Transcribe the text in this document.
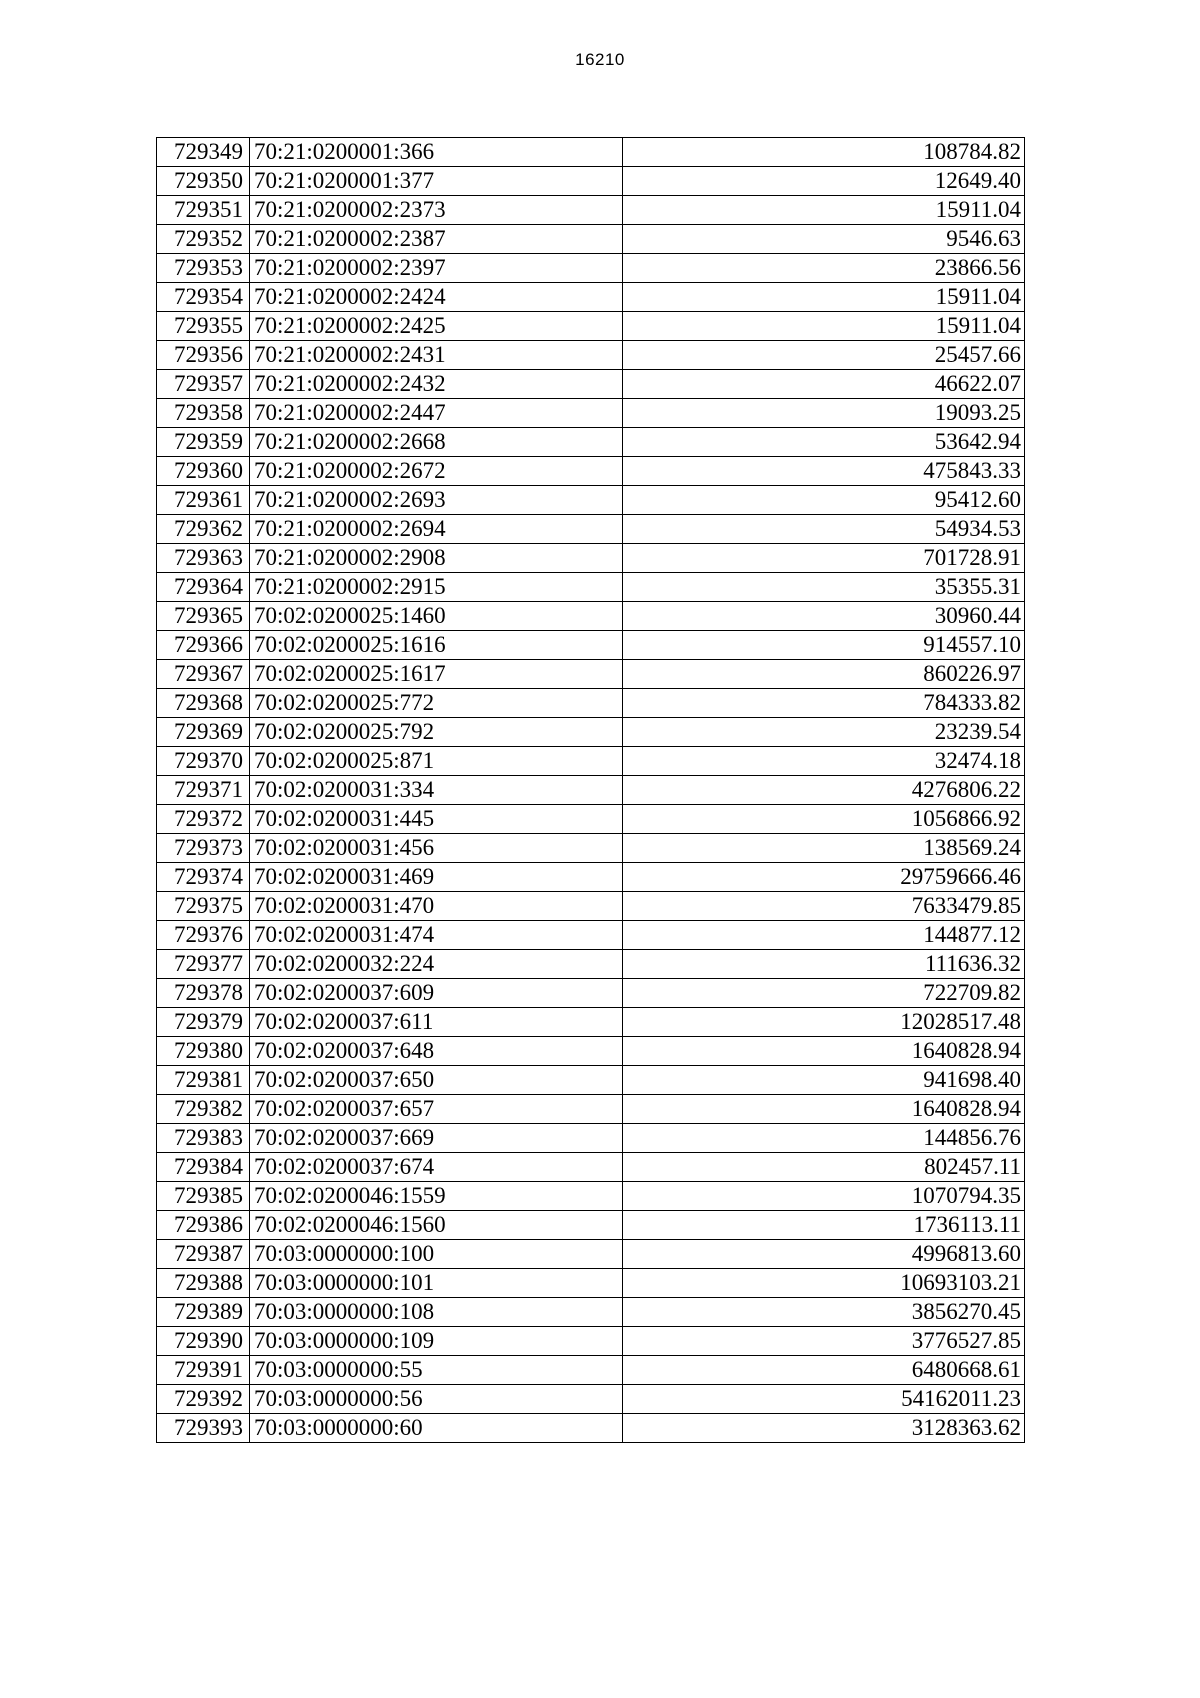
16210
729349	70:21:0200001:366	108784.82
729350	70:21:0200001:377	12649.40
729351	70:21:0200002:2373	15911.04
729352	70:21:0200002:2387	9546.63
729353	70:21:0200002:2397	23866.56
729354	70:21:0200002:2424	15911.04
729355	70:21:0200002:2425	15911.04
729356	70:21:0200002:2431	25457.66
729357	70:21:0200002:2432	46622.07
729358	70:21:0200002:2447	19093.25
729359	70:21:0200002:2668	53642.94
729360	70:21:0200002:2672	475843.33
729361	70:21:0200002:2693	95412.60
729362	70:21:0200002:2694	54934.53
729363	70:21:0200002:2908	701728.91
729364	70:21:0200002:2915	35355.31
729365	70:02:0200025:1460	30960.44
729366	70:02:0200025:1616	914557.10
729367	70:02:0200025:1617	860226.97
729368	70:02:0200025:772	784333.82
729369	70:02:0200025:792	23239.54
729370	70:02:0200025:871	32474.18
729371	70:02:0200031:334	4276806.22
729372	70:02:0200031:445	1056866.92
729373	70:02:0200031:456	138569.24
729374	70:02:0200031:469	29759666.46
729375	70:02:0200031:470	7633479.85
729376	70:02:0200031:474	144877.12
729377	70:02:0200032:224	111636.32
729378	70:02:0200037:609	722709.82
729379	70:02:0200037:611	12028517.48
729380	70:02:0200037:648	1640828.94
729381	70:02:0200037:650	941698.40
729382	70:02:0200037:657	1640828.94
729383	70:02:0200037:669	144856.76
729384	70:02:0200037:674	802457.11
729385	70:02:0200046:1559	1070794.35
729386	70:02:0200046:1560	1736113.11
729387	70:03:0000000:100	4996813.60
729388	70:03:0000000:101	10693103.21
729389	70:03:0000000:108	3856270.45
729390	70:03:0000000:109	3776527.85
729391	70:03:0000000:55	6480668.61
729392	70:03:0000000:56	54162011.23
729393	70:03:0000000:60	3128363.62
